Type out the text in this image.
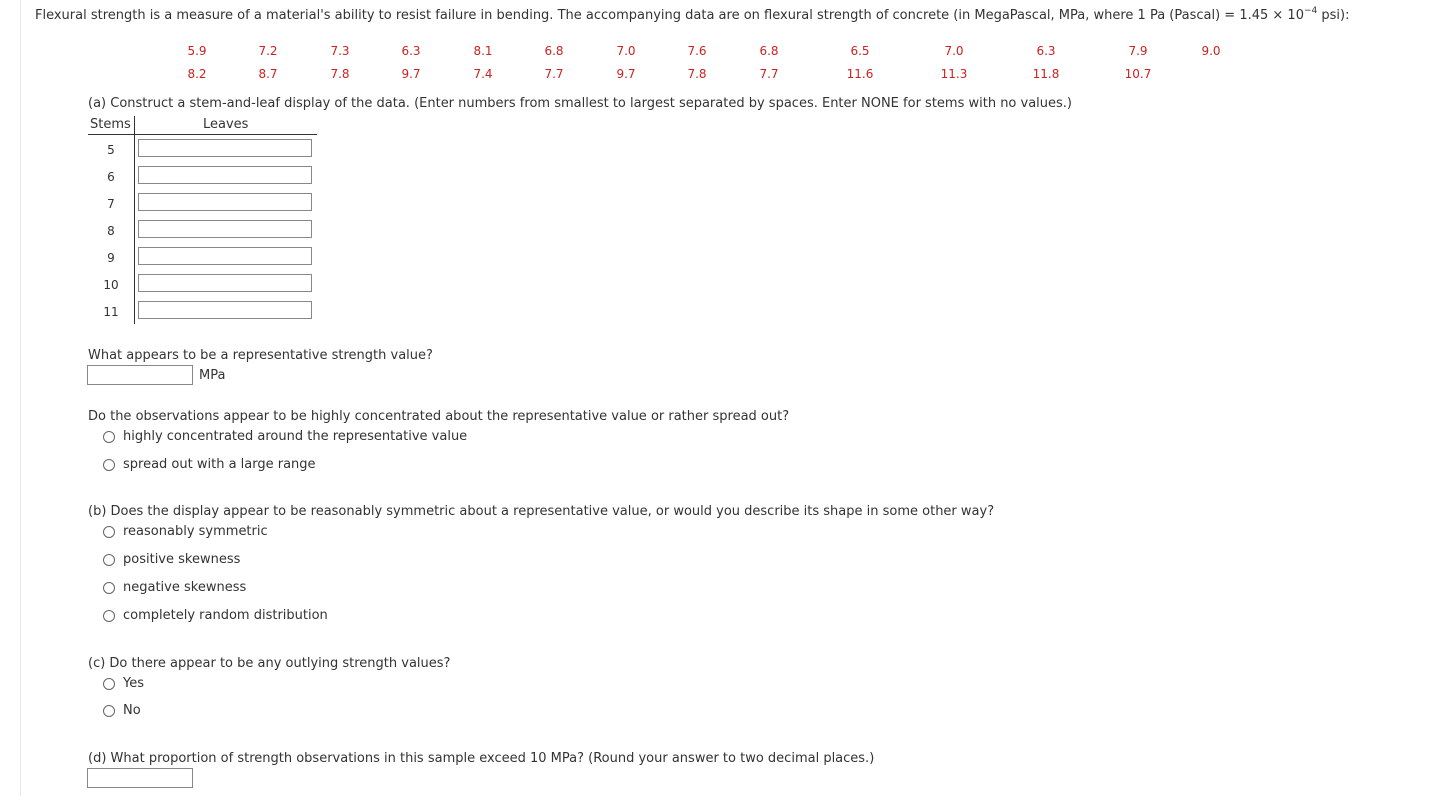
Flexural strength is a measure of a material's ability to resist failure in bending. The accompanying data are on flexural strength of concrete (in MegaPascal, MPa, where 1 Pa (Pascal) = $1.45 \times 10^{-4}$ psi):
5.9	7.2	7.3	6.3	8.1	6.8	7.0	7.6	6.8	6.5	7.0	6.3	7.9	9.0
8.2	8.7	7.8	9.7	7.4	7.7	9.7	7.8	7.7	11.6	11.3	11.8	10.7
(a) Construct a stem-and-leaf display of the data. (Enter numbers from smallest to largest separated by spaces. Enter NONE for stems with no values.)
Stems	Leaves
5
6
7
8
9
10
11
What appears to be a representative strength value?
MPa
Do the observations appear to be highly concentrated about the representative value or rather spread out?
highly concentrated around the representative value
spread out with a large range
(b) Does the display appear to be reasonably symmetric about a representative value, or would you describe its shape in some other way?
reasonably symmetric
positive skewness
negative skewness
completely random distribution
(c) Do there appear to be any outlying strength values?
Yes
No
(d) What proportion of strength observations in this sample exceed 10 MPa? (Round your answer to two decimal places.)
